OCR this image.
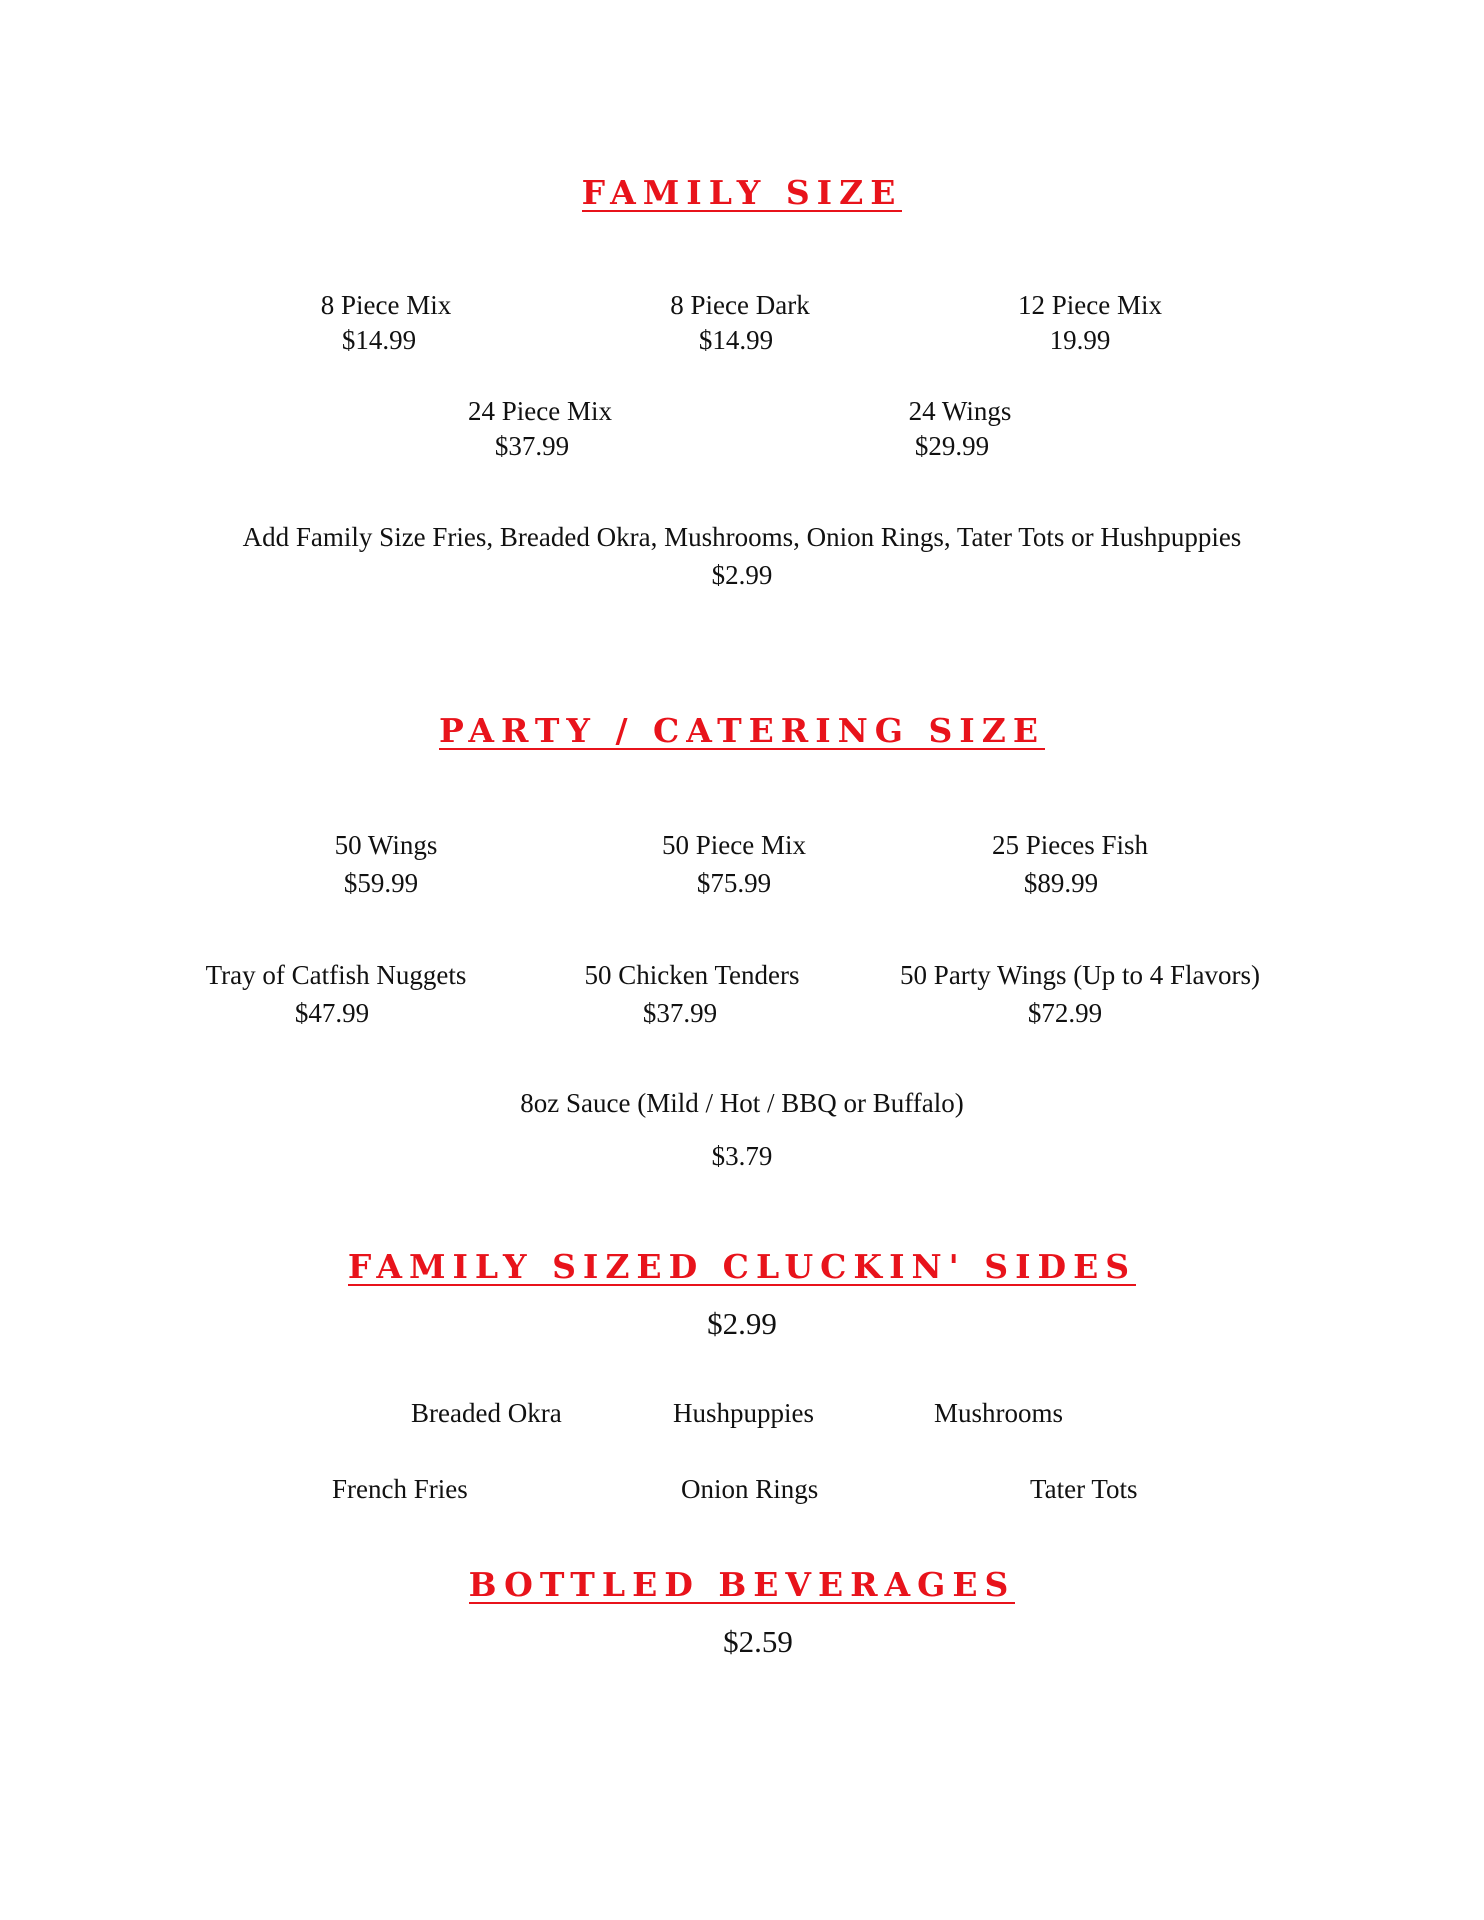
FAMILY SIZE
8 Piece Mix
$14.99
8 Piece Dark
$14.99
12 Piece Mix
19.99
24 Piece Mix
$37.99
24 Wings
$29.99
Add Family Size Fries, Breaded Okra, Mushrooms, Onion Rings, Tater Tots or Hushpuppies
$2.99
PARTY / CATERING SIZE
50 Wings
$59.99
50 Piece Mix
$75.99
25 Pieces Fish
$89.99
Tray of Catfish Nuggets
$47.99
50 Chicken Tenders
$37.99
50 Party Wings (Up to 4 Flavors)
$72.99
8oz Sauce (Mild / Hot / BBQ or Buffalo)
$3.79
FAMILY SIZED CLUCKIN' SIDES
$2.99
Breaded Okra	Hushpuppies	Mushrooms
French Fries	Onion Rings	Tater Tots
BOTTLED BEVERAGES
$2.59
